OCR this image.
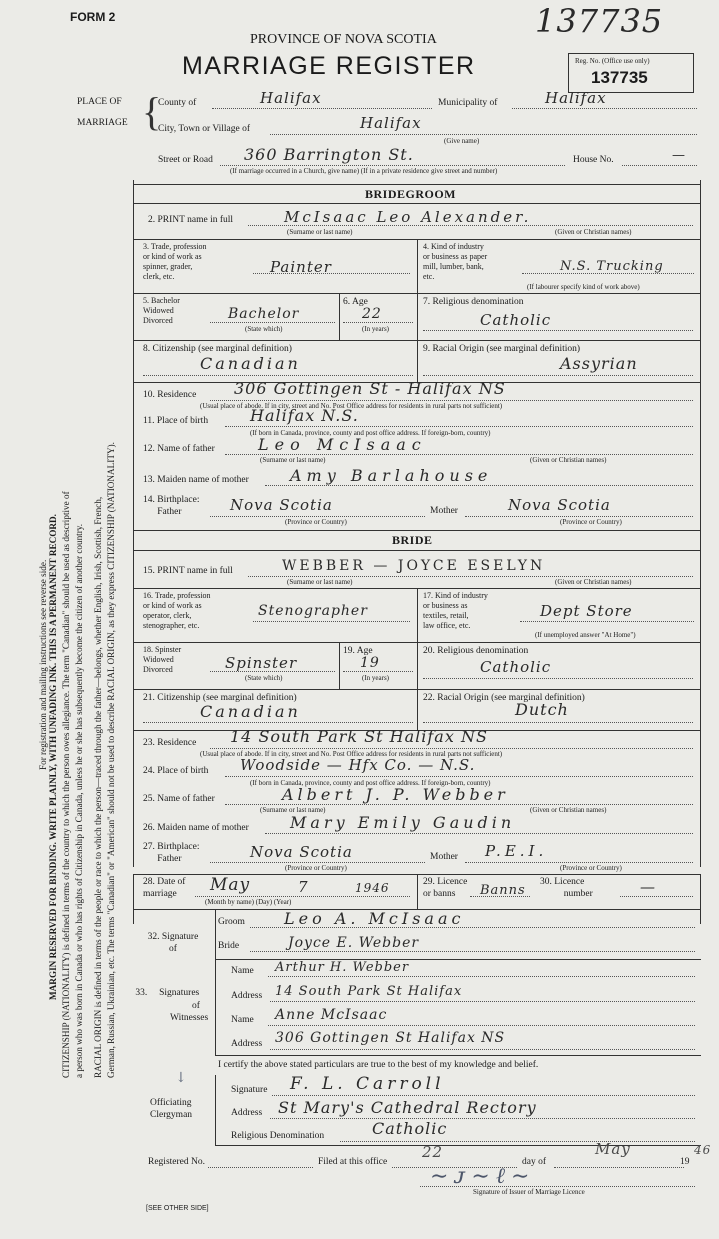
For registration and mailing instructions see reverse side. MARGIN RESERVED FOR BINDING. WRITE PLAINLY, WITH UNFADING INK. THIS IS A PERMANENT RECORD. CITIZENSHIP (NATIONALITY) is defined in terms of the country to which the person owes allegiance. The term "Canadian" should be used as descriptive of a person who was born in Canada or who has rights of Citizenship in Canada, unless he or she has subsequently become the citizen of another country. RACIAL ORIGIN is defined in terms of the people or race to which the person—traced through the father—belongs, whether English, Irish, Scottish, French, German, Russian, Ukrainian, etc. The terms "Canadian" or "American" should not be used to describe RACIAL ORIGIN, as they express CITIZENSHIP (NATIONALITY).
FORM 2	137735
PROVINCE OF NOVA SCOTIA
MARRIAGE REGISTER	Reg. No. (Office use only)
137735
PLACE OF
MARRIAGE {
County of	Halifax	Municipality of	Halifax
City, Town or Village of	Halifax
(Give name)
Street or Road 360 Barrington St.	House No.	—
(If marriage occurred in a Church, give name) (If in a private residence give street and number)
BRIDEGROOM
2. PRINT name in full	McIsaac Leo Alexander.
(Surname or last name)	(Given or Christian names)
3. Trade, profession
or kind of work as
spinner, grader,
clerk, etc.
Painter
4. Kind of industry
or business as paper
mill, lumber, bank,
etc.
N.S. Trucking
(If labourer specify kind of work above)
5. Bachelor
Widowed
Divorced	Bachelor
(State which)
6. Age
22
(In years)
7. Religious denomination
Catholic
8. Citizenship (see marginal definition)
Canadian
9. Racial Origin (see marginal definition)
Assyrian
10. Residence 306 Gottingen St - Halifax NS
(Usual place of abode. If in city, street and No. Post Office address for residents in rural parts not sufficient)
11. Place of birth	Halifax N.S.
(If born in Canada, province, county and post office address. If foreign-born, country)
12. Name of father	Leo McIsaac
(Surname or last name)	(Given or Christian names)
13. Maiden name of mother	Amy Barlahouse
14. Birthplace:
Father	Nova Scotia	Mother	Nova Scotia
(Province or Country)	(Province or Country)
BRIDE
15. PRINT name in full	WEBBER — JOYCE ESELYN
(Surname or last name)	(Given or Christian names)
16. Trade, profession
or kind of work as
operator, clerk,
stenographer, etc.
Stenographer
17. Kind of industry
or business as
textiles, retail,
law office, etc.
Dept Store
(If unemployed answer "At Home")
18. Spinster
Widowed
Divorced	Spinster
(State which)
19. Age
19
(In years)
20. Religious denomination
Catholic
21. Citizenship (see marginal definition)
Canadian
22. Racial Origin (see marginal definition)
Dutch
23. Residence 14 South Park St Halifax NS
(Usual place of abode. If in city, street and No. Post Office address for residents in rural parts not sufficient)
24. Place of birth Woodside — Hfx Co. — N.S.
(If born in Canada, province, county and post office address. If foreign-born, country)
25. Name of father	Albert J. P. Webber
(Surname or last name)	(Given or Christian names)
26. Maiden name of mother	Mary Emily Gaudin
27. Birthplace:
Father	Nova Scotia	Mother P.E.I.
(Province or Country)	(Province or Country)
28. Date of
marriage	May	7	1946
(Month by name) (Day) (Year)
29. Licence
or banns	Banns
30. Licence
number	—
32. Signature
of
Groom Leo A. McIsaac
Bride	Joyce E. Webber
33. Signatures
of
Witnesses
Name Arthur H. Webber
Address 14 South Park St Halifax
Name Anne McIsaac
Address 306 Gottingen St Halifax NS
I certify the above stated particulars are true to the best of my knowledge and belief.
↓
Officiating
Clergyman
Signature F. L. Carroll
Address St Mary's Cathedral Rectory
Religious Denomination	Catholic
Registered No.	Filed at this office
22
day of
May
19
46
∼ᴊ∼ℓ∼
Signature of Issuer of Marriage Licence
[SEE OTHER SIDE]
